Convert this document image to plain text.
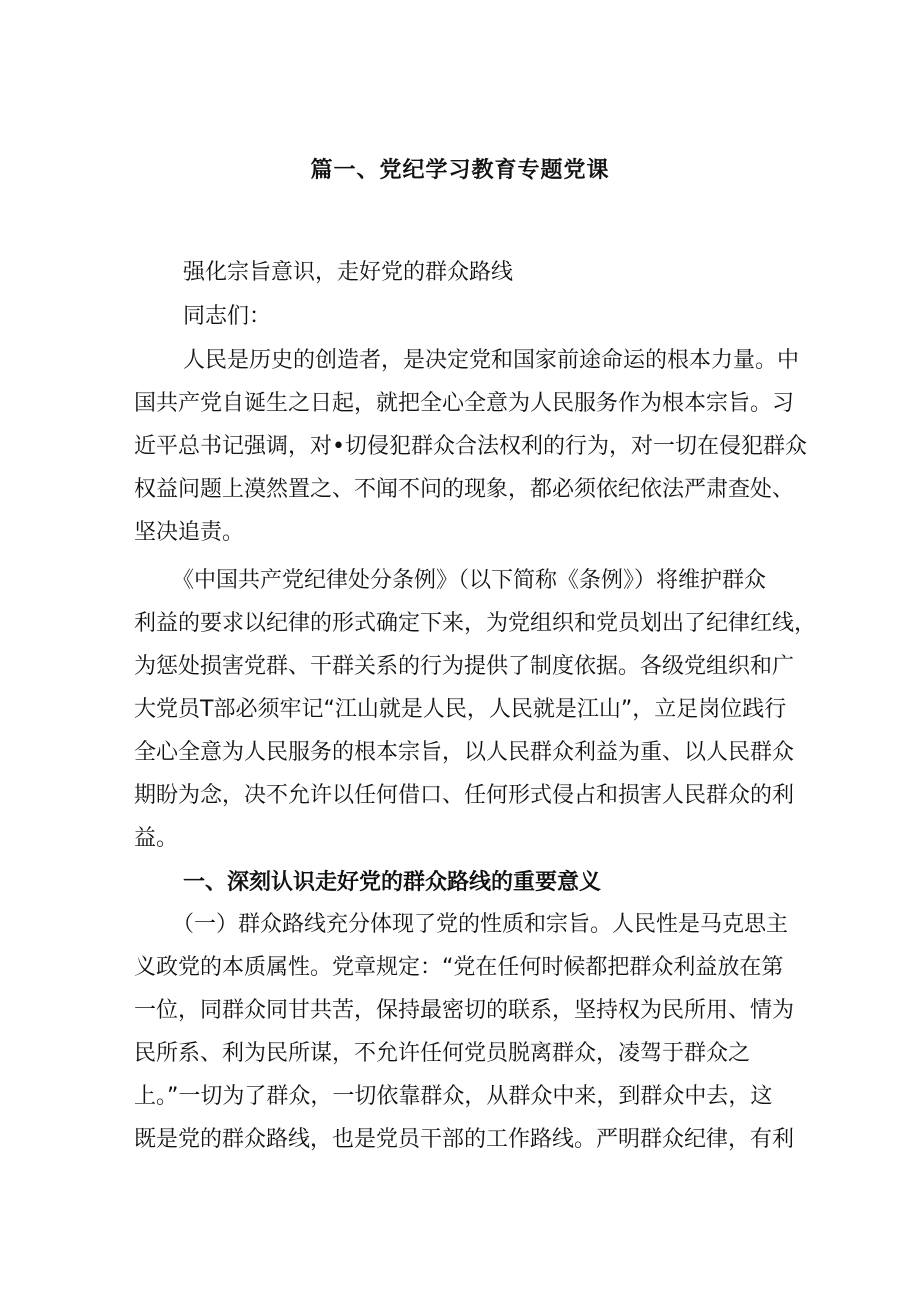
篇一、党纪学习教育专题党课
强化宗旨意识，走好党的群众路线
同志们：
人民是历史的创造者，是决定党和国家前途命运的根本力量。中
国共产党自诞生之日起，就把全心全意为人民服务作为根本宗旨。习
近平总书记强调，对•切侵犯群众合法权利的行为，对一切在侵犯群众
权益问题上漠然置之、不闻不问的现象，都必须依纪依法严肃查处、
坚决追责。
《中国共产党纪律处分条例》（以下简称《条例》）将维护群众
利益的要求以纪律的形式确定下来，为党组织和党员划出了纪律红线，
为惩处损害党群、干群关系的行为提供了制度依据。各级党组织和广
大党员T部必须牢记“江山就是人民，人民就是江山”，立足岗位践行
全心全意为人民服务的根本宗旨，以人民群众利益为重、以人民群众
期盼为念，决不允许以任何借口、任何形式侵占和损害人民群众的利
益。
一、深刻认识走好党的群众路线的重要意义
（一）群众路线充分体现了党的性质和宗旨。人民性是马克思主
义政党的本质属性。党章规定：“党在任何时候都把群众利益放在第
一位，同群众同甘共苦，保持最密切的联系，坚持权为民所用、情为
民所系、利为民所谋，不允许任何党员脱离群众，凌驾于群众之
上。”一切为了群众，一切依靠群众，从群众中来，到群众中去，这
既是党的群众路线，也是党员干部的工作路线。严明群众纪律，有利
